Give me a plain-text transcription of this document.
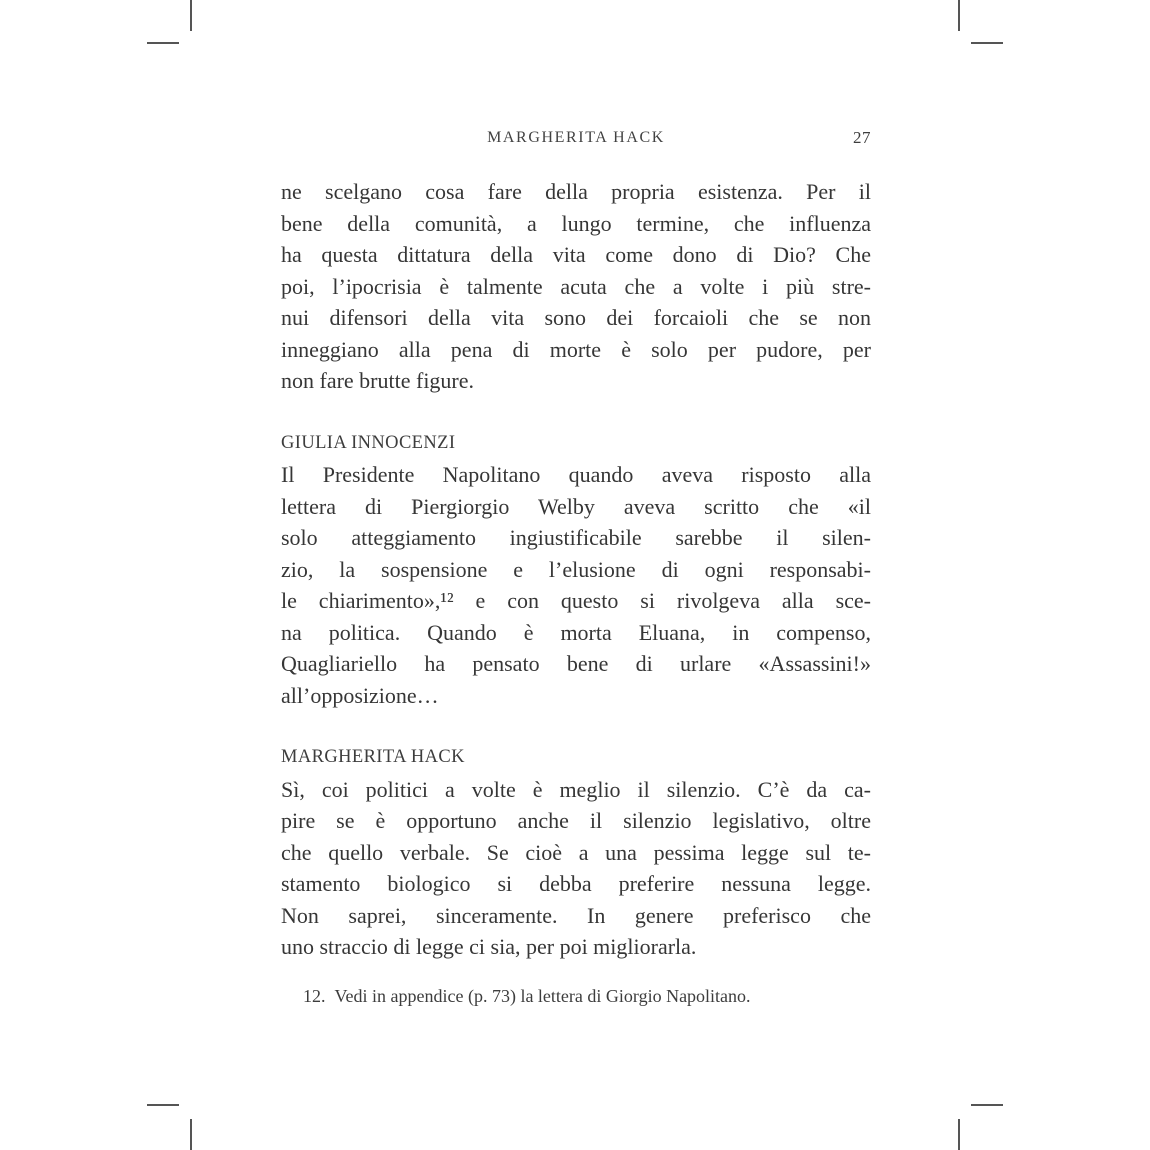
MARGHERITA HACK	27
ne scelgano cosa fare della propria esistenza. Per il
bene della comunità, a lungo termine, che influenza
ha questa dittatura della vita come dono di Dio? Che
poi, l’ipocrisia è talmente acuta che a volte i più stre-
nui difensori della vita sono dei forcaioli che se non
inneggiano alla pena di morte è solo per pudore, per
non fare brutte figure.
GIULIA INNOCENZI
Il Presidente Napolitano quando aveva risposto alla
lettera di Piergiorgio Welby aveva scritto che «il
solo atteggiamento ingiustificabile sarebbe il silen-
zio, la sospensione e l’elusione di ogni responsabi-
le chiarimento»,¹² e con questo si rivolgeva alla sce-
na politica. Quando è morta Eluana, in compenso,
Quagliariello ha pensato bene di urlare «Assassini!»
all’opposizione…
MARGHERITA HACK
Sì, coi politici a volte è meglio il silenzio. C’è da ca-
pire se è opportuno anche il silenzio legislativo, oltre
che quello verbale. Se cioè a una pessima legge sul te-
stamento biologico si debba preferire nessuna legge.
Non saprei, sinceramente. In genere preferisco che
uno straccio di legge ci sia, per poi migliorarla.
12. Vedi in appendice (p. 73) la lettera di Giorgio Napolitano.
